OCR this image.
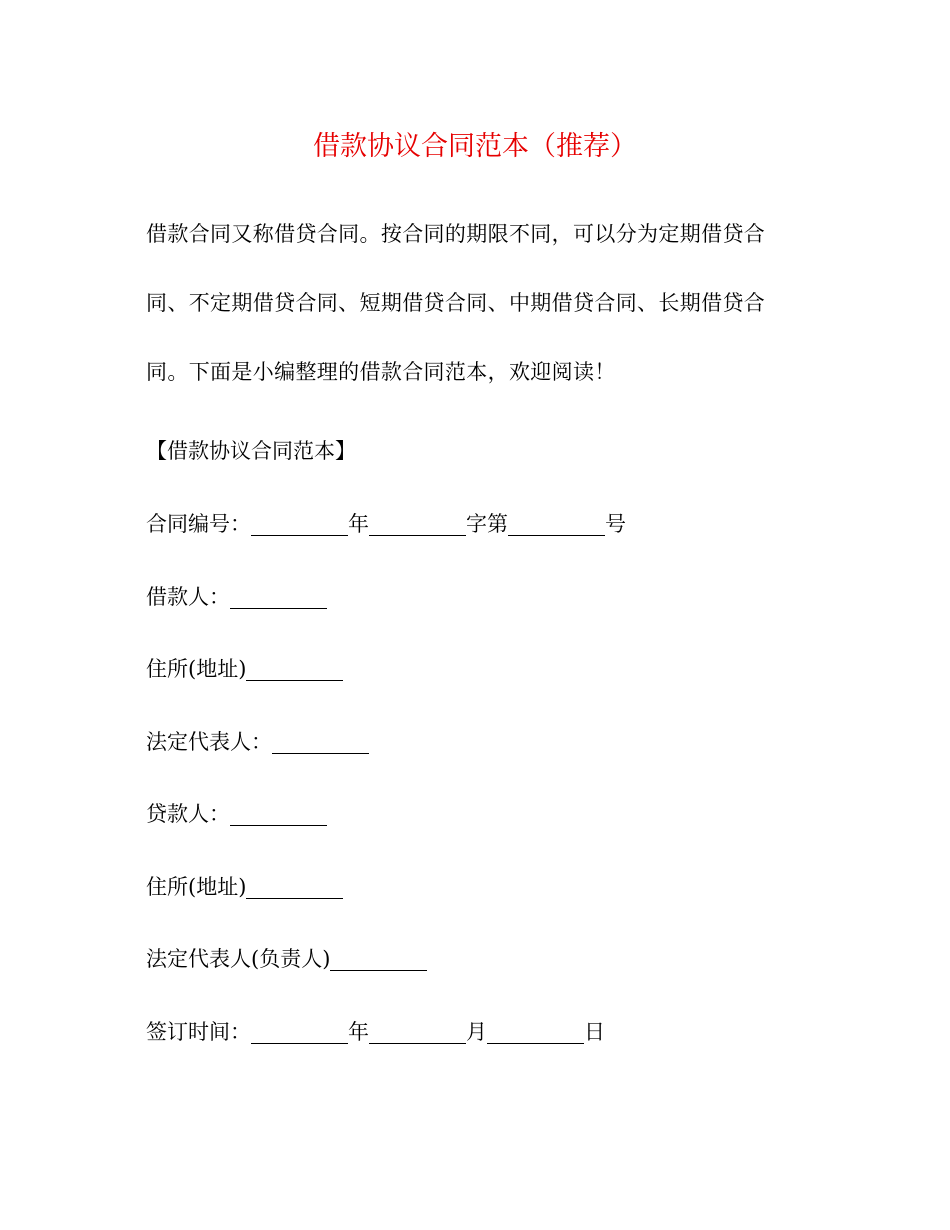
借款协议合同范本（推荐）
借款合同又称借贷合同。按合同的期限不同，可以分为定期借贷合
同、不定期借贷合同、短期借贷合同、中期借贷合同、长期借贷合
同。下面是小编整理的借款合同范本，欢迎阅读！
【借款协议合同范本】
合同编号：	年	字第	号
借款人：
住所(地址)
法定代表人：
贷款人：
住所(地址)
法定代表人(负责人)
签订时间：	年	月	日
